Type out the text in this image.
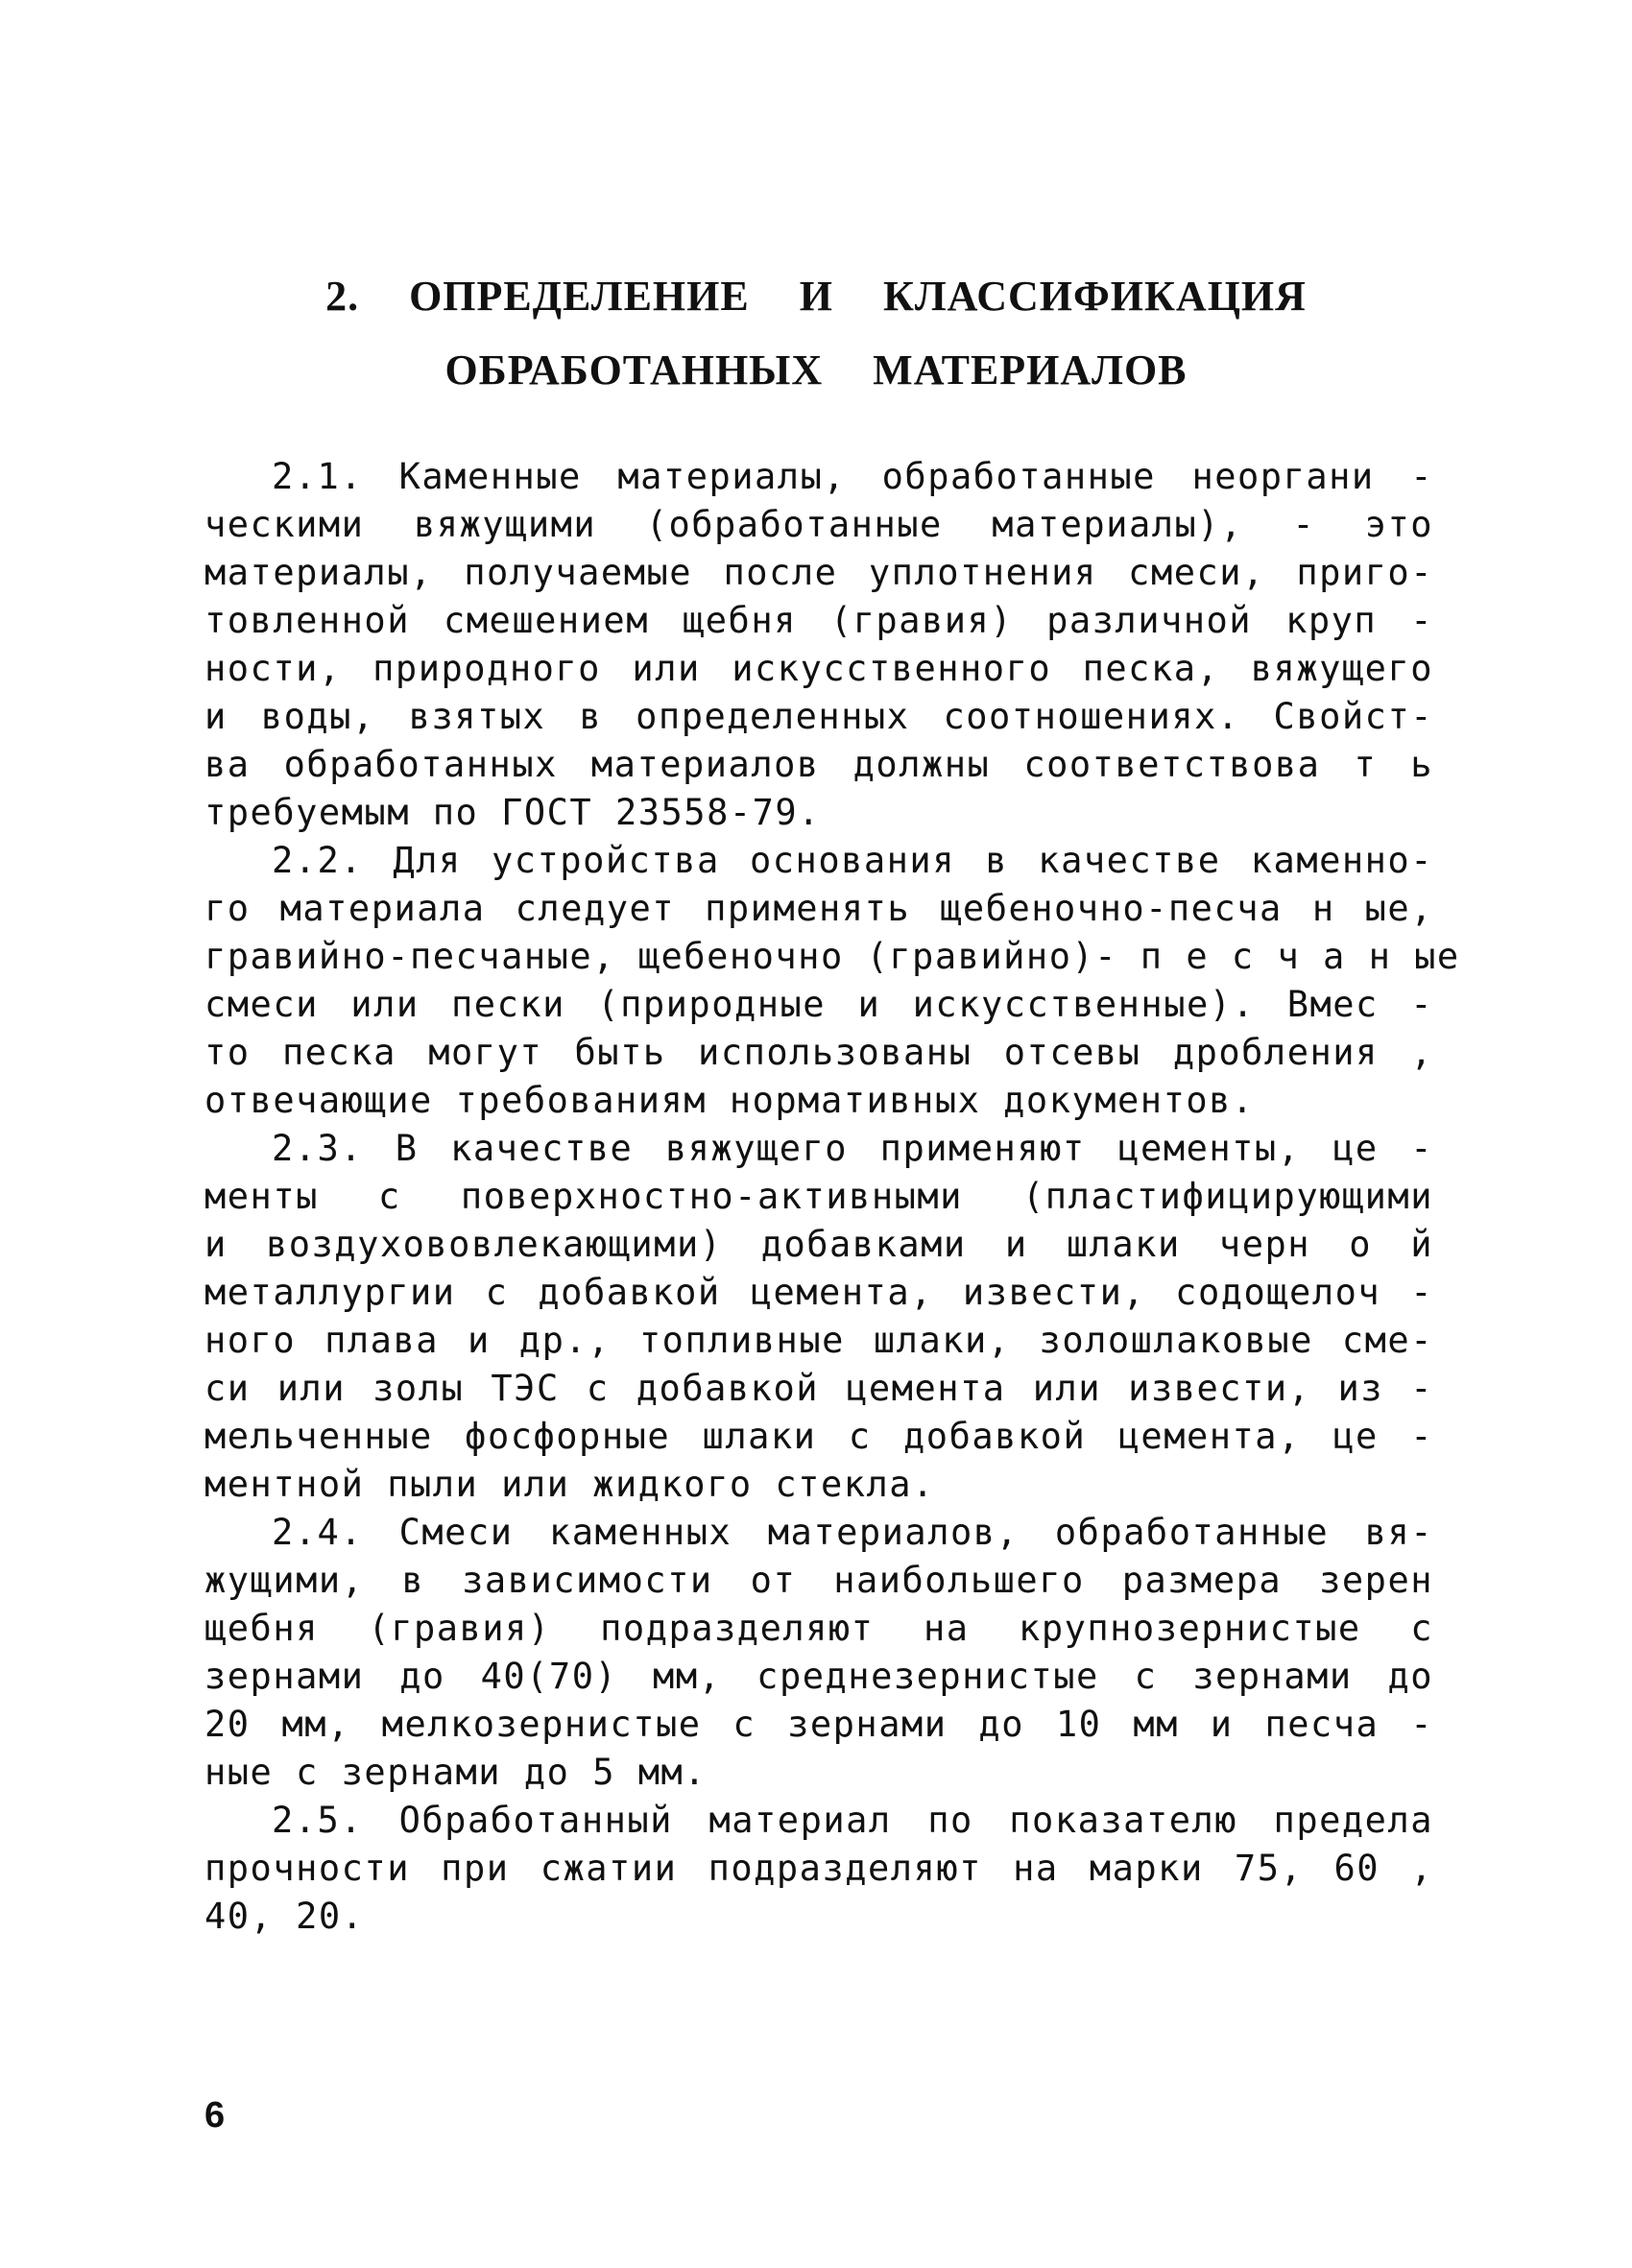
2. ОПРЕДЕЛЕНИЕ И КЛАССИФИКАЦИЯ
ОБРАБОТАННЫХ МАТЕРИАЛОВ
2.1. Каменные материалы, обработанные неоргани -
ческими вяжущими (обработанные материалы), - это
материалы, получаемые после уплотнения смеси, приго-
товленной смешением щебня (гравия) различной круп -
ности, природного или искусственного песка, вяжущего
и воды, взятых в определенных соотношениях. Свойст-
ва обработанных материалов должны соответствова т ь
требуемым по ГОСТ 23558-79.
2.2. Для устройства основания в качестве каменно-
го материала следует применять щебеночно-песча н ые,
гравийно-песчаные, щебеночно (гравийно)- п е с ч а н ые
смеси или пески (природные и искусственные). Вмес -
то песка могут быть использованы отсевы дробления ,
отвечающие требованиям нормативных документов.
2.3. В качестве вяжущего применяют цементы, це -
менты с поверхностно-активными (пластифицирующими
и воздухововлекающими) добавками и шлаки черн о й
металлургии с добавкой цемента, извести, содощелоч -
ного плава и др., топливные шлаки, золошлаковые сме-
си или золы ТЭС с добавкой цемента или извести, из -
мельченные фосфорные шлаки с добавкой цемента, це -
ментной пыли или жидкого стекла.
2.4. Смеси каменных материалов, обработанные вя-
жущими, в зависимости от наибольшего размера зерен
щебня (гравия) подразделяют на крупнозернистые с
зернами до 40(70) мм, среднезернистые с зернами до
20 мм, мелкозернистые с зернами до 10 мм и песча -
ные с зернами до 5 мм.
2.5. Обработанный материал по показателю предела
прочности при сжатии подразделяют на марки 75, 60 ,
40, 20.
6
